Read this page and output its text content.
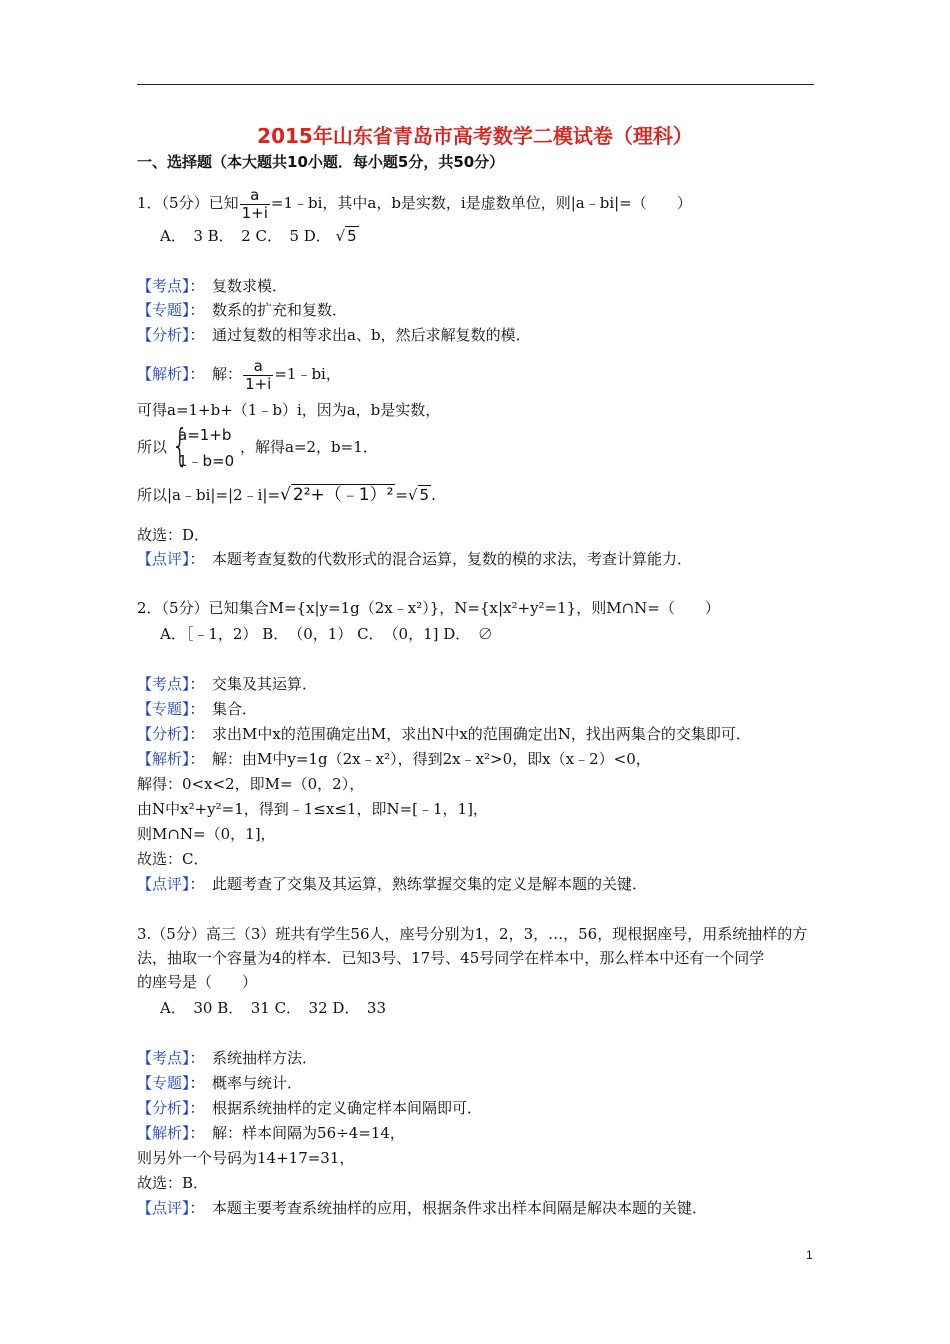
2015年山东省青岛市高考数学二模试卷（理科）
一、选择题（本大题共10小题．每小题5分，共50分）
1．（5分）已知 $\frac{a}{1+i}$ =1﹣bi，其中a，b是实数，i是虚数单位，则|a﹣bi|=（　　）
A．　3 B．　2 C．　5 D． √ 5
【考点】：　 复数求模．
【专题】：　 数系的扩充和复数．
【分析】：　 通过复数的相等求出a、b，然后求解复数的模．
【解析】：　 解： $\frac{a}{1+i}$ =1﹣bi，
可得a=1+b+（1﹣b）i，因为a，b是实数，
所以 {
a=1+b
1﹣b=0
，解得a=2，b=1．
所以|a﹣bi|=|2﹣i|=√ 2²+（﹣1）² =√ 5 .
故选：D．
【点评】：　 本题考查复数的代数形式的混合运算，复数的模的求法，考查计算能力．
2．（5分）已知集合M={x|y=1g（2x﹣x²）}，N={x|x²+y²=1}，则M∩N=（　　）
A．［﹣1，2） B．　（0，1） C．　（0，1] D．　∅
【考点】：　 交集及其运算．
【专题】：　 集合．
【分析】：　 求出M中x的范围确定出M，求出N中x的范围确定出N，找出两集合的交集即可．
【解析】：　 解：由M中y=1g（2x﹣x²），得到2x﹣x²>0，即x（x﹣2）<0，
解得：0<x<2，即M=（0，2），
由N中x²+y²=1，得到﹣1≤x≤1，即N=[﹣1，1]，
则M∩N=（0，1]，
故选：C．
【点评】：　 此题考查了交集及其运算，熟练掌握交集的定义是解本题的关键．
3.（5分）高三（3）班共有学生56人，座号分别为1，2，3，…，56，现根据座号，用系统抽样的方
法，抽取一个容量为4的样本．已知3号、17号、45号同学在样本中，那么样本中还有一个同学
的座号是（　　）
A．　30 B．　31 C．　32 D．　33
【考点】：　 系统抽样方法．
【专题】：　 概率与统计．
【分析】：　 根据系统抽样的定义确定样本间隔即可．
【解析】：　 解：样本间隔为56÷4=14，
则另外一个号码为14+17=31，
故选：B．
【点评】：　 本题主要考查系统抽样的应用，根据条件求出样本间隔是解决本题的关键．
1
